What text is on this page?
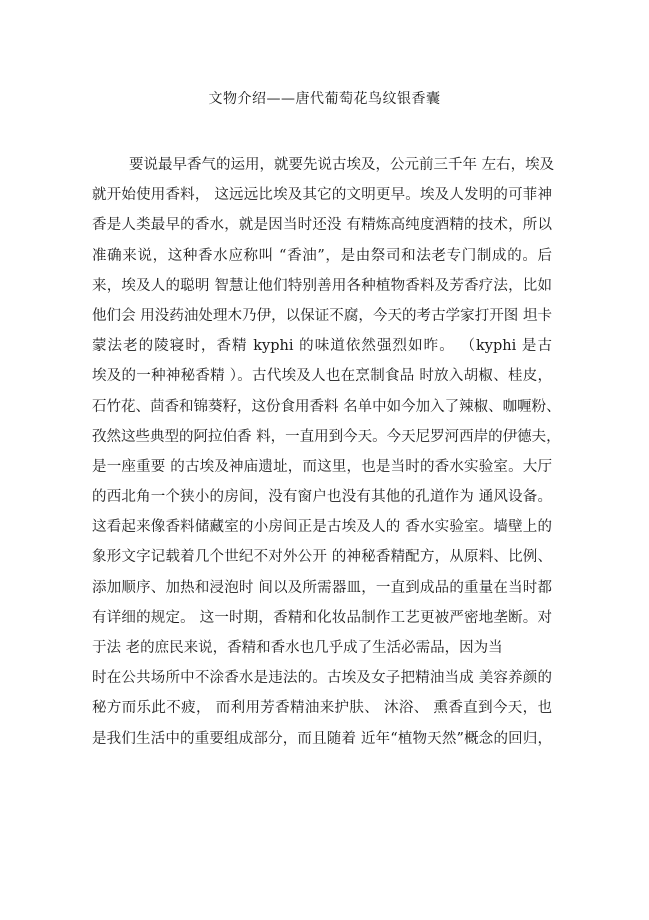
文物介绍——唐代葡萄花鸟纹银香囊
要说最早香气的运用，就要先说古埃及，公元前三千年 左右，埃及
就开始使用香料， 这远远比埃及其它的文明更早。埃及人发明的可菲神
香是人类最早的香水，就是因当时还没 有精炼高纯度酒精的技术，所以
准确来说，这种香水应称叫 “香油”，是由祭司和法老专门制成的。后
来，埃及人的聪明 智慧让他们特别善用各种植物香料及芳香疗法，比如
他们会 用没药油处理木乃伊，以保证不腐，今天的考古学家打开图 坦卡
蒙法老的陵寝时，香精 kyphi 的味道依然强烈如昨。 （kyphi 是古
埃及的一种神秘香精 ）。古代埃及人也在烹制食品 时放入胡椒、桂皮，
石竹花、茴香和锦葵籽，这份食用香料 名单中如今加入了辣椒、咖喱粉、
孜然这些典型的阿拉伯香 料，一直用到今天。今天尼罗河西岸的伊德夫，
是一座重要 的古埃及神庙遗址，而这里，也是当时的香水实验室。大厅
的西北角一个狭小的房间，没有窗户也没有其他的孔道作为 通风设备。
这看起来像香料储藏室的小房间正是古埃及人的 香水实验室。墙壁上的
象形文字记载着几个世纪不对外公开 的神秘香精配方，从原料、比例、
添加顺序、加热和浸泡时 间以及所需器皿，一直到成品的重量在当时都
有详细的规定。 这一时期，香精和化妆品制作工艺更被严密地垄断。对
于法 老的庶民来说，香精和香水也几乎成了生活必需品，因为当
时在公共场所中不涂香水是违法的。古埃及女子把精油当成 美容养颜的
秘方而乐此不疲， 而利用芳香精油来护肤、 沐浴、 熏香直到今天，也
是我们生活中的重要组成部分，而且随着 近年“植物天然”概念的回归，
